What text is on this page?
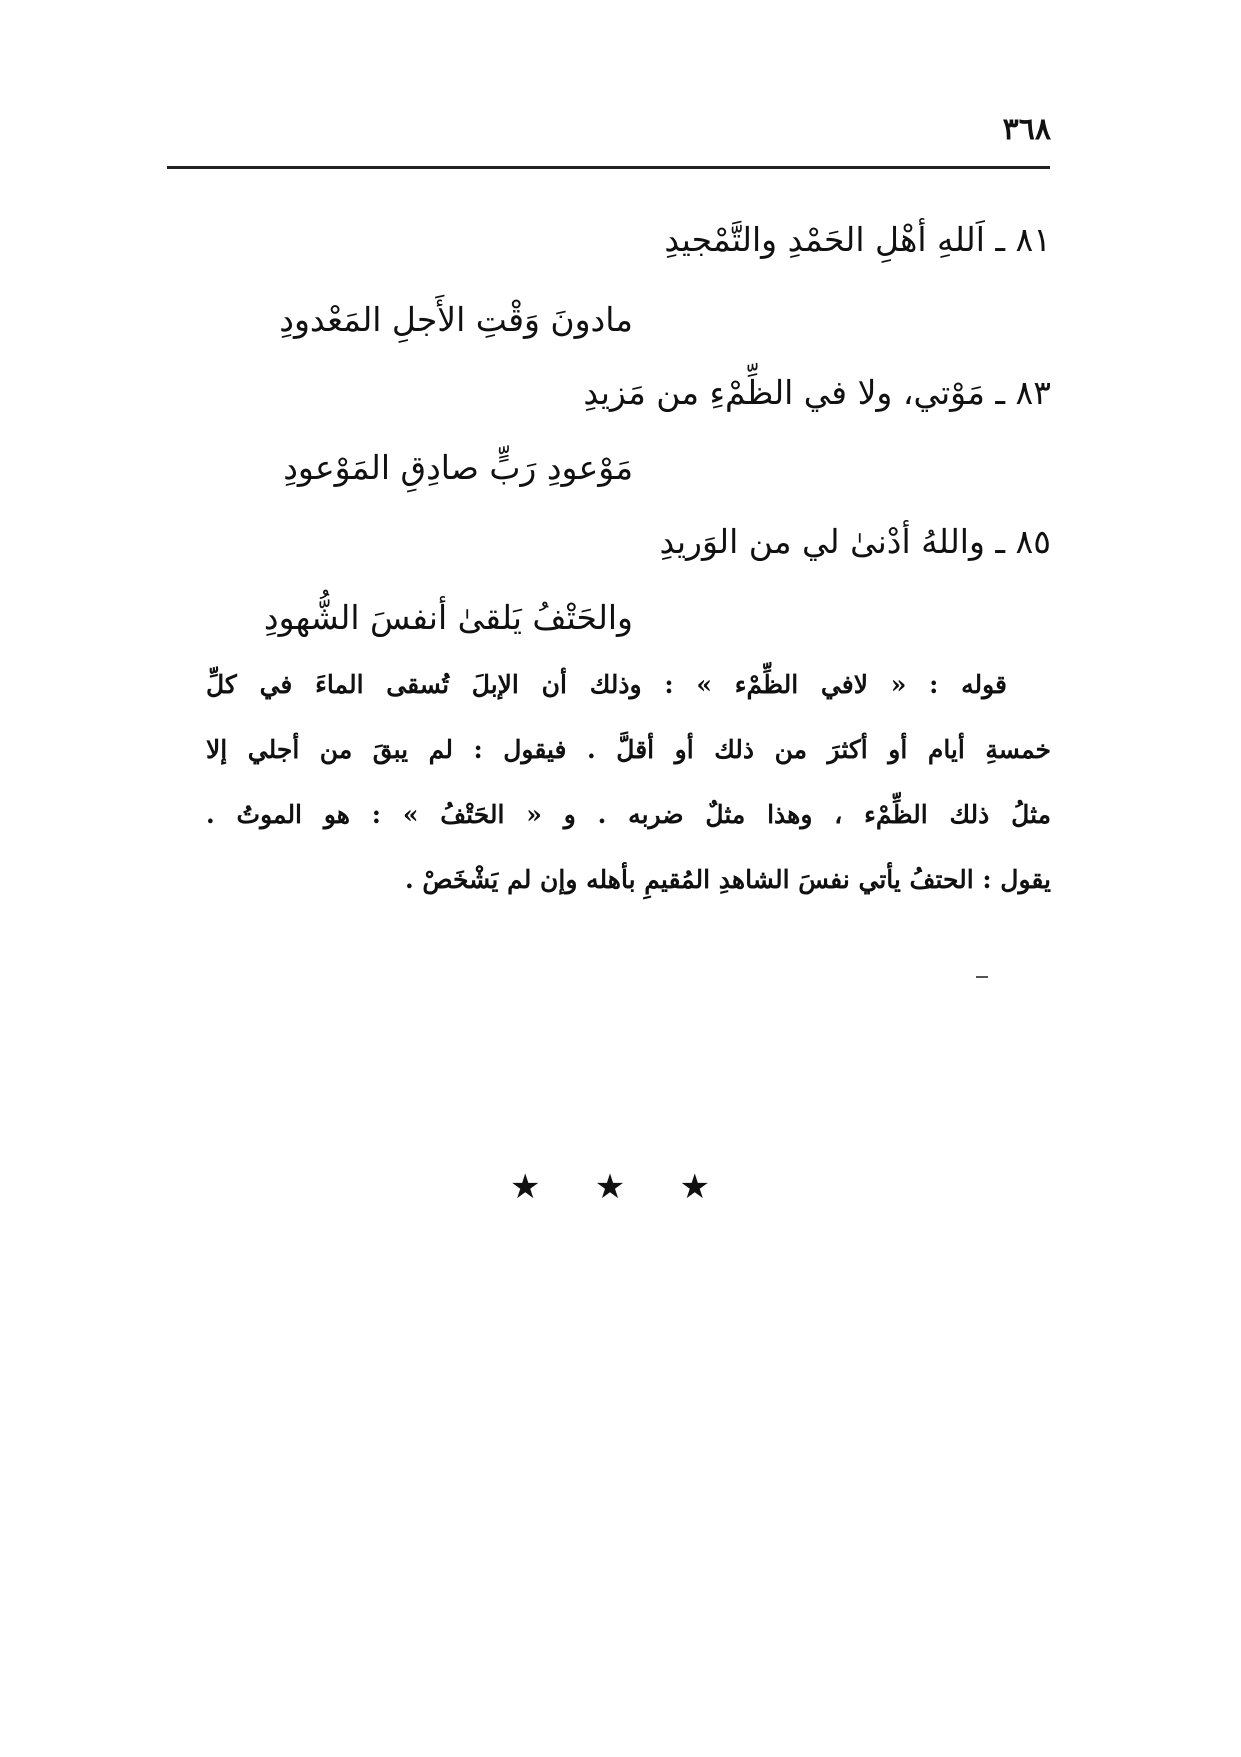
٣٦٨
٨١ ـ اَللهِ أهْلِ الحَمْدِ والتَّمْجيدِ
مادونَ وَقْتِ الأَجلِ المَعْدودِ
٨٣ ـ مَوْتي، ولا في الظِّمْءِ من مَزيدِ
مَوْعودِ رَبٍّ صادِقِ المَوْعودِ
٨٥ ـ واللهُ أدْنىٰ لي من الوَريدِ
والحَتْفُ يَلقىٰ أنفسَ الشُّهودِ
قوله : « لافي الظِّمْء » : وذلك أن الإبلَ تُسقى الماءَ في كلِّ
خمسةِ أيام أو أكثرَ من ذلك أو أقلَّ . فيقول : لم يبقَ من أجلي إلا
مثلُ ذلك الظِّمْء ، وهذا مثلٌ ضربه . و « الحَتْفُ » : هو الموتُ .
يقول : الحتفُ يأتي نفسَ الشاهدِ المُقيمِ بأهله وإن لم يَشْخَصْ .
★
★
★
